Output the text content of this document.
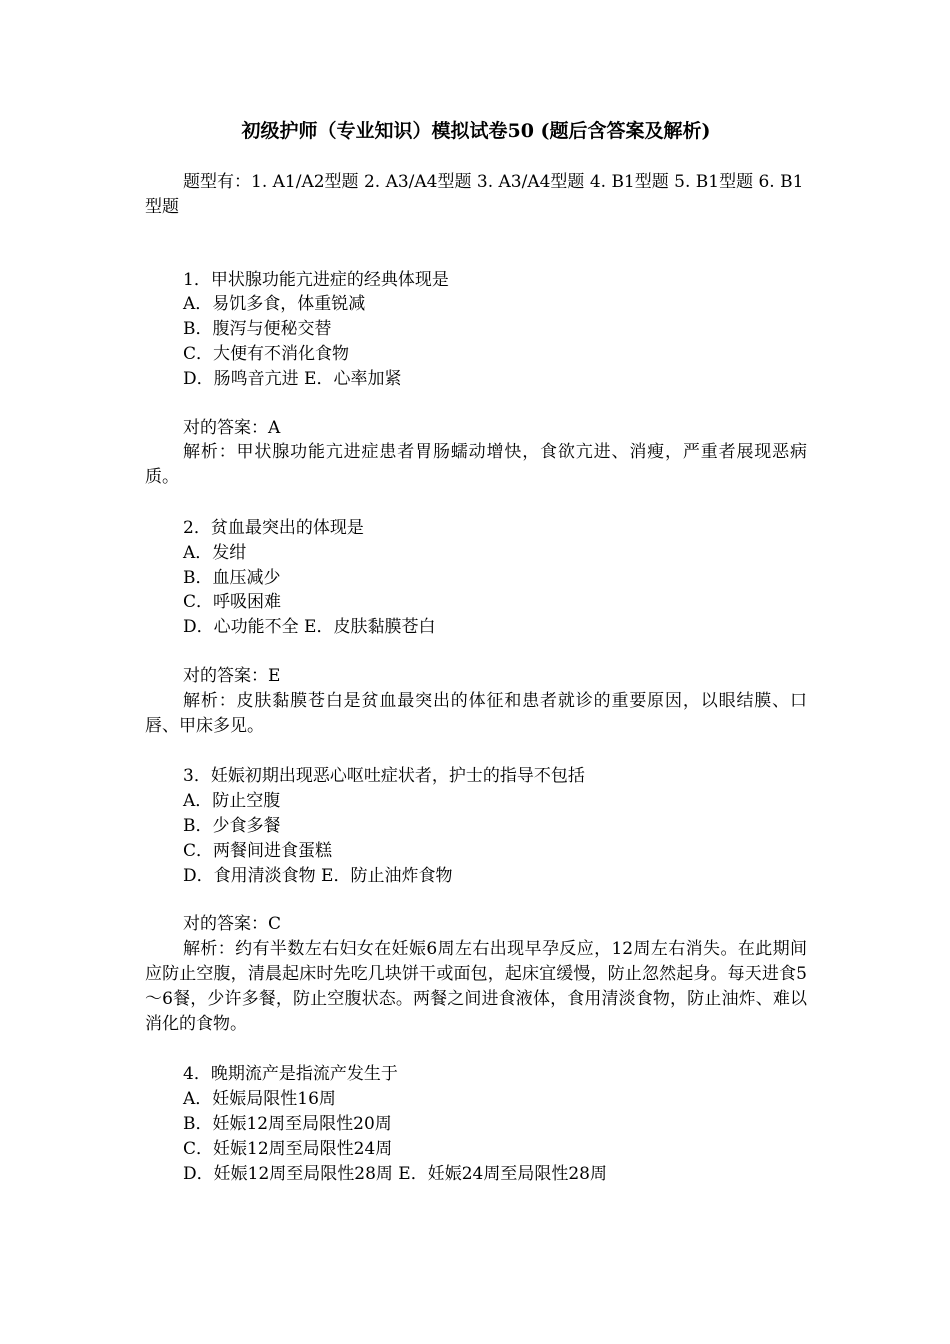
初级护师（专业知识）模拟试卷50 (题后含答案及解析)

题型有：1. A1/A2型题 2. A3/A4型题 3. A3/A4型题 4. B1型题 5. B1型题 6. B1型题

1．甲状腺功能亢进症的经典体现是

A．易饥多食，体重锐减

B．腹泻与便秘交替

C．大便有不消化食物

D．肠鸣音亢进 E．心率加紧

对的答案：A

解析：甲状腺功能亢进症患者胃肠蠕动增快，食欲亢进、消瘦，严重者展现恶病质。

2．贫血最突出的体现是

A．发绀

B．血压减少

C．呼吸困难

D．心功能不全 E．皮肤黏膜苍白

对的答案：E

解析：皮肤黏膜苍白是贫血最突出的体征和患者就诊的重要原因，以眼结膜、口唇、甲床多见。

3．妊娠初期出现恶心呕吐症状者，护士的指导不包括

A．防止空腹

B．少食多餐

C．两餐间进食蛋糕

D．食用清淡食物 E．防止油炸食物

对的答案：C

解析：约有半数左右妇女在妊娠6周左右出现早孕反应，12周左右消失。在此期间应防止空腹，清晨起床时先吃几块饼干或面包，起床宜缓慢，防止忽然起身。每天进食5～6餐，少许多餐，防止空腹状态。两餐之间进食液体，食用清淡食物，防止油炸、难以消化的食物。

4．晚期流产是指流产发生于

A．妊娠局限性16周

B．妊娠12周至局限性20周

C．妊娠12周至局限性24周

D．妊娠12周至局限性28周 E．妊娠24周至局限性28周
